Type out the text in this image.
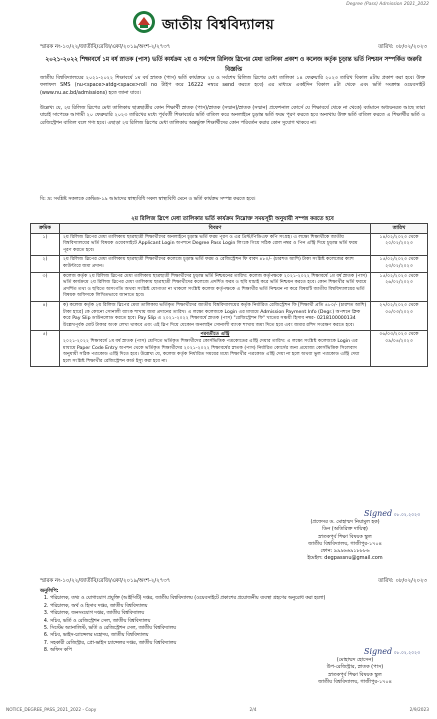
Degree (Pass) Admission 2021_2022
জাতীয় বিশ্ববিদ্যালয়
স্মারক নং-১০/২২/জাতীবি/রেজি/একা/২০১৯/অংশ-২/২৭৩৭	তারিখ: ০৮/০২/২০২৩
২০২১-২০২২ শিক্ষাবর্ষে ১ম বর্ষ স্নাতক (পাস) ভর্তি কার্যক্রম ২য় ও সর্বশেষ রিলিজ স্লিপের মেধা তালিকা প্রকাশ ও কলেজ কর্তৃক চূড়ান্ত ভর্তি নিশ্চয়ন সম্পর্কিত জরুরি বিজ্ঞপ্তি
জাতীয় বিশ্ববিদ্যালয়ের ২০২১-২০২২ শিক্ষাবর্ষে ১ম বর্ষ স্নাতক (পাস) ভর্তি কার্যক্রমে ২য় ও সর্বশেষ রিলিজ স্লিপের মেধা তালিকা ১৪ ফেব্রুয়ারি ২০২৩ তারিখ বিকাল ৪টায় প্রকাশ করা হবে। উক্ত ফলাফল SMS (nu<space>atdg<space>roll no টাইপ করে 16222 নম্বরে send করতে হবে) এর মাধ্যমে একইদিন বিকাল ৪টা থেকে এবং ভর্তি সংক্রান্ত ওয়েবসাইট (www.nu.ac.bd/admissions) হতে জানা যাবে।
উল্লেখ্য যে, ২য় রিলিজ স্লিপের মেধা তালিকায় ছাত্রছাত্রীর কোন শিক্ষার্থী স্নাতক (পাস)/স্নাতক (সম্মান)/স্নাতক (সম্মান) প্রফেশনাল কোর্সে যে শিক্ষাবর্ষে থেকে না থেকে) বর্তমানে অধ্যয়নরত আছে তারা যাচাই সাপেক্ষে আগামী ২০ ফেব্রুয়ারি ২০২৩ তারিখের মধ্যে পূর্ববর্তী শিক্ষাবর্ষের ভর্তি বাতিল করে অনলাইনে চূড়ান্ত ভর্তি ফরম পূরণ করতে হবে অন্যথায় উক্ত ভর্তি বাতিল করতে এ শিক্ষার্থীর ভর্তি ও রেজিস্ট্রেশন বাতিল বলে গণ্য হবে। এছাড়া ২য় রিলিজ স্লিপের মেধা তালিকায় অন্তর্ভুক্ত শিক্ষার্থীদের কোন পরিবর্তন করার কোন সুযোগ থাকবে না।
বি: দ্র: সংশ্লিষ্ট সকলকে কেভিড-১৯ আমাদের স্বাস্থ্যবিধি সকল স্বাস্থ্যবিধি মেনে ও ভর্তি কার্যক্রম সম্পন্ন করতে হবে।
২য় রিলিজ স্লিপে মেধা তালিকার ভর্তি কার্যক্রম নিম্নোক্ত সময়সূচী অনুযায়ী সম্পন্ন করতে হবে
ক্রমিক	বিবরণ	তারিখ
১)	২য় রিলিজ স্লিপের মেধা তালিকায় ছাত্রছাত্রী শিক্ষার্থীদের অনলাইনে চূড়ান্ত ভর্তি ফরম পূরণ ও এর প্রিন্ট/পিডিএফ কপি সংগ্রহ। এ লক্ষ্যে শিক্ষার্থীকে জাতীয় বিশ্ববিদ্যালয়ের ভর্তি বিষয়ক ওয়েবসাইটে Applicant Login অপশনে Degree Pass Login লিংকে গিয়ে সঠিক রোল নম্বর ও পিন এন্ট্রি দিয়ে চূড়ান্ত ভর্তি ফরম পূরণ করতে হবে।	১৪/০২/২০২৩ থেকে ২০/০২/২০২৩
২)	২য় রিলিজ স্লিপের মেধা তালিকায় ছাত্রছাত্রী শিক্ষার্থীদের কলেজে চূড়ান্ত ভর্তি ফরম ও রেজিস্ট্রেশন ফি বাবদ ৪৮০/- (চারশত আশি) টাকা সংশ্লিষ্ট কলেজের ক্যাশ কাউন্টারে জমা প্রদান।	১৫/০২/২০২৩ থেকে ২৩/০২/২০২৩
৩)	কলেজ কর্তৃক ২য় রিলিজ স্লিপের মেধা তালিকায় ছাত্রছাত্রী শিক্ষার্থীদের চূড়ান্ত ভর্তি নিশ্চয়নের তারিখ: কলেজ কর্তৃপক্ষকে ২০২১-২০২২ শিক্ষাবর্ষে ১ম বর্ষ স্নাতক (পাস) ভর্তি কার্যক্রমে ২য় রিলিজ স্লিপের মেধা তালিকায় ছাত্রছাত্রী শিক্ষার্থীদের কলেজে প্রদর্শিত ফরম ও ছবি যাচাই করে ভর্তি নিশ্চয়ন করতে হবে। কোন শিক্ষার্থীর ভর্তি ফরমে প্রদর্শিত তথ্য ও ছবিতে অসংগতি অথবা সংশ্লিষ্ট যোগ্যতা না থাকলে সংশ্লিষ্ট কলেজ কর্তৃপক্ষকে এ শিক্ষার্থীর ভর্তি নিশ্চয়ন না করে বিষয়টি জাতীয় বিশ্ববিদ্যালয়ের ভর্তি বিষয়ক অফিসকে লিখিতভাবে জানাতে হবে।	১৫/০২/২০২৩ থেকে ২৬/০২/২০২৩
৪)	ক) কলেজ কর্তৃক ২য় রিলিজ স্লিপের মেধা তালিকায় ভর্তিকৃত শিক্ষার্থীদের জাতীয় বিশ্ববিদ্যালয়ের কর্তৃক নির্ধারিত রেজিস্ট্রেশন ফি [শিক্ষার্থী প্রতি ৪৮০/- (চারশত আশি) টাকা হারে] কে কোনো সোনালী ব্যাংক শাখায় জমা প্রদানের তারিখ। এ লক্ষ্যে কলেজকে Login এর মাধ্যমে Admission Payment Info (Degr.) অপশনে ক্লিক করে Pay Slip ডাউনলোড করতে হবে। Pay Slip এ ২০২১-২০২২ শিক্ষাবর্ষে স্নাতক (পাস) "রেজিস্ট্রেশন ফি" খাতের সঞ্চয়ী হিসাব নম্বর- 0218100000134 উল্লেখপূর্বক মোট টাকার অংক লেখা থাকবে এবং এই স্লিপ দিয়ে যেকোন অনলাইন সোনালী ব্যাংক শাখায় জমা দিতে হবে এবং জমার রশিদ সংরক্ষণ করতে হবে।	২৭/০২/২০২৩ থেকে ০৫/০৩/২০২৩
৫)	পরবর্তীতে এন্ট্রি
২০২১-২০২২ শিক্ষাবর্ষে ১ম বর্ষ স্নাতক (পাস) শ্রেণিতে ভর্তিকৃত শিক্ষার্থীদের কোর্সভিত্তিক পত্রকোডের এন্ট্রি দেয়ার তারিখ: এ লক্ষ্যে সংশ্লিষ্ট কলেজকে Login এর মাধ্যমে Paper Code Entry অপশন থেকে ভর্তিকৃত শিক্ষার্থীদের ২০২১-২০২২ শিক্ষাবর্ষের স্নাতক (পাস) নির্ধারিত কোর্সের জন্য প্রযোজ্য কোর্সভিত্তিক সিলেবাস অনুযায়ী সঠিক পত্রকোড এন্ট্রি দিতে হবে। উল্লেখ্য যে, কলেজ কর্তৃক নির্ধারিত সময়ের মধ্যে শিক্ষার্থীর পত্রকোড এন্ট্রি দেয়া না হলে অথবা ভুল পত্রকোড এন্ট্রি দেয়া হলে সংশ্লিষ্ট শিক্ষার্থীর রেজিস্ট্রেশন কার্ড ইস্যু করা হবে না।	০৬/০৩/২০২৩ থেকে ০৯/০৪/২০২৩
Signed ০৮.০২.২০২৩
(প্রফেসর ড. মোহাম্মদ নিয়ামুল হক)
ডিন (অতিরিক্ত দায়িত্ব)
স্নাতকপূর্ব শিক্ষা বিষয়ক স্কুল
জাতীয় বিশ্ববিদ্যালয়, গাজীপুর-১৭০৪
ফোন: ৯৯৯৬৬৯১৮৮৮৬
ইমেইল: degpassnu@gmail.com
স্মারক নং-১০/২২/জাতীবি/রেজি/একা/২০১৯/অংশ-২/২৭৩৭	তারিখ: ০৮/০২/২০২৩
অনুলিপি:
1. পরিচালক, তথ্য ও যোগাযোগ প্রযুক্তি (আইসিটি) দপ্তর, জাতীয় বিশ্ববিদ্যালয় (ওয়েবসাইটে প্রকাশের প্রয়োজনীয় ব্যবস্থা গ্রহণের অনুরোধ করা হলো)
2. পরিচালক, অর্থ ও হিসাব দপ্তর, জাতীয় বিশ্ববিদ্যালয়
3. পরিচালক, জনসংযোগ দপ্তর, জাতীয় বিশ্ববিদ্যালয়
4. সচিব, ভর্তি ও রেজিস্ট্রেশন সেল, জাতীয় বিশ্ববিদ্যালয়
5. সিস্টেম অ্যানালিস্ট, ভর্তি ও রেজিস্ট্রেশন সেল, জাতীয় বিশ্ববিদ্যালয়
6. সচিব, ভাইস-চ্যান্সেলর মহোদয়, জাতীয় বিশ্ববিদ্যালয়
7. সহকারী রেজিস্ট্রার, প্রো-ভাইস চ্যান্সেলর দপ্তর, জাতীয় বিশ্ববিদ্যালয়
8. অফিস কপি	Signed ০৮.০২.২০২৩
(মোহাম্মদ হোসেন)
উপ-রেজিস্ট্রার, স্নাতক (পাস)
স্নাতকপূর্ব শিক্ষা বিষয়ক স্কুল
জাতীয় বিশ্ববিদ্যালয়, গাজীপুর-১৭০৪
NOTICE_DEGREE_PASS_2021_2022 - Copy	2/4	2/9/2023
